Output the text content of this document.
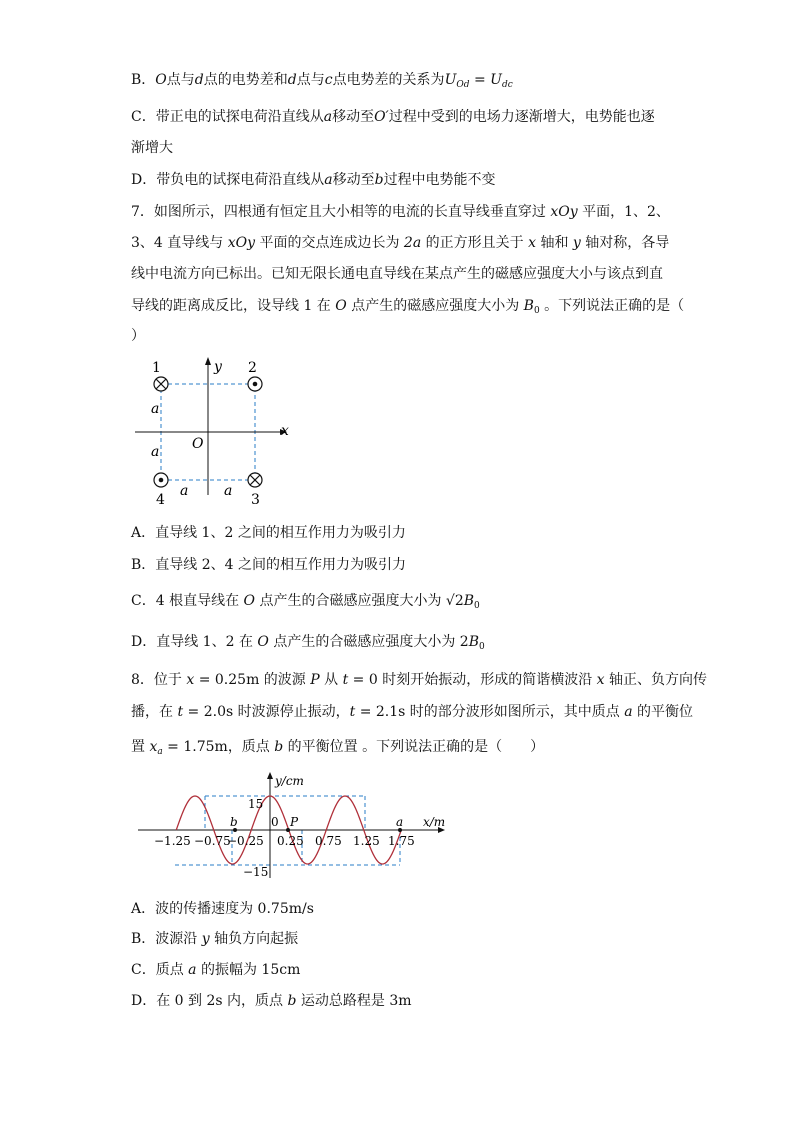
B．O点与d点的电势差和d点与c点电势差的关系为$U_{Od} = U_{dc}$
C．带正电的试探电荷沿直线从a移动至O′过程中受到的电场力逐渐增大，电势能也逐
渐增大
D．带负电的试探电荷沿直线从a移动至b过程中电势能不变
7．如图所示，四根通有恒定且大小相等的电流的长直导线垂直穿过 xOy 平面，1、2、
3、4 直导线与 xOy 平面的交点连成边长为 2a 的正方形且关于 x 轴和 y 轴对称，各导
线中电流方向已标出。已知无限长通电直导线在某点产生的磁感应强度大小与该点到直
导线的距离成反比，设导线 1 在 O 点产生的磁感应强度大小为 $B_0$ 。下列说法正确的是（
）
1	2
3
4
y
x
O
a
a
a	a
A．直导线 1、2 之间的相互作用力为吸引力
B．直导线 2、4 之间的相互作用力为吸引力
C．4 根直导线在 O 点产生的合磁感应强度大小为 $√2B_0$
D．直导线 1、2 在 O 点产生的合磁感应强度大小为 $2B_0$
8．位于 x = 0.25m 的波源 P 从 t = 0 时刻开始振动，形成的简谐横波沿 x 轴正、负方向传
播，在 t = 2.0s 时波源停止振动，t = 2.1s 时的部分波形如图所示，其中质点 a 的平衡位
置 $x_a = 1.75m$，质点 b 的平衡位置 。下列说法正确的是（　　）
y/cm
x/m
15
−15
b	P	a
−1.25 −0.75
−0.25
0
0.25 0.75 1.25 1.75
A．波的传播速度为 0.75m/s
B．波源沿 y 轴负方向起振
C．质点 a 的振幅为 15cm
D．在 0 到 2s 内，质点 b 运动总路程是 3m
